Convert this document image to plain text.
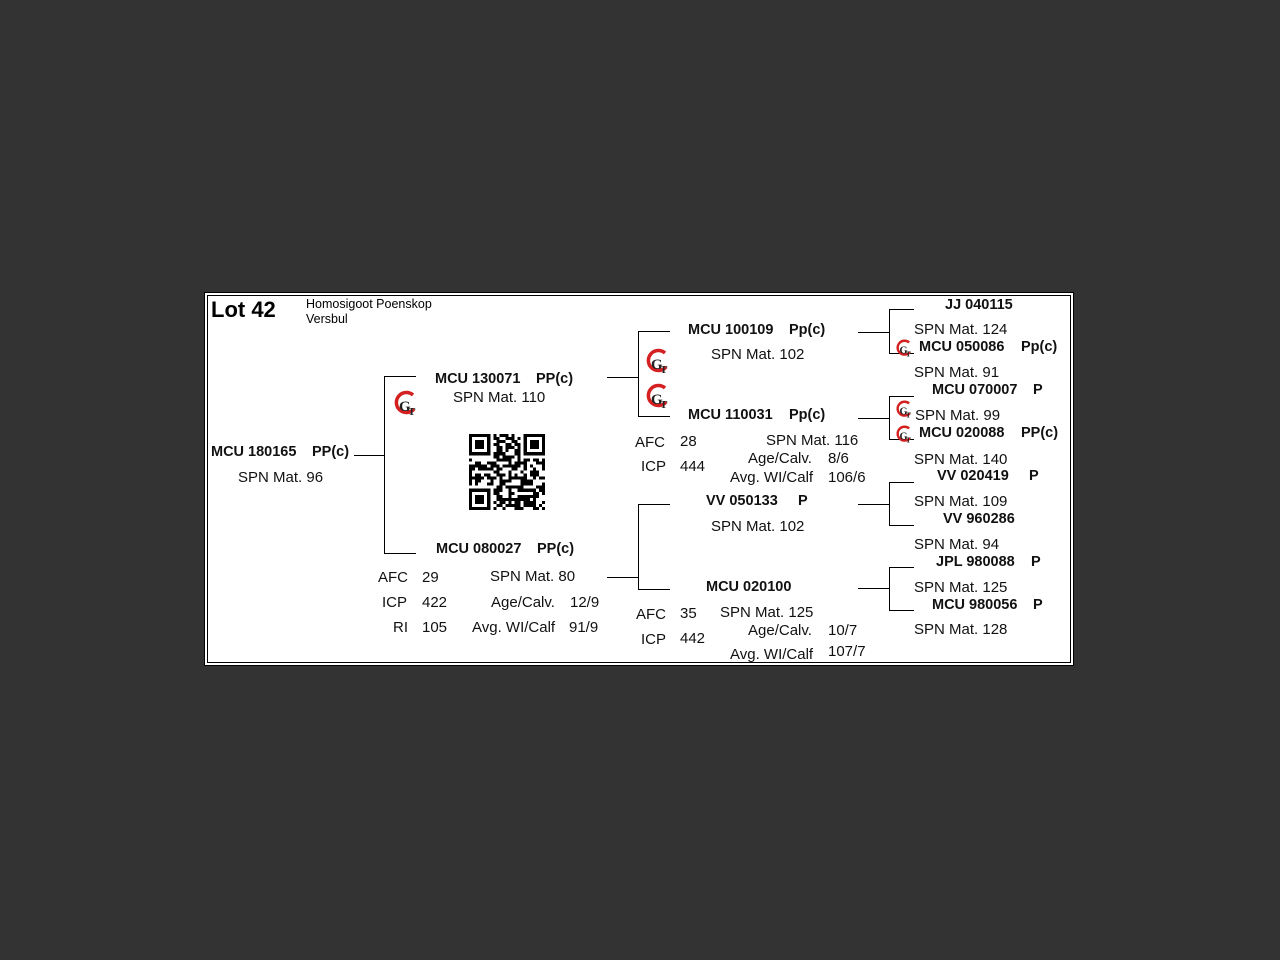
Lot 42 Homosigoot Poenskop
Versbul
MCU 180165 PP(c)
SPN Mat. 96
MCU 130071 PP(c)
SPN Mat. 110
MCU 080027 PP(c)
SPN Mat. 80
AFC 29
ICP 422
RI 105
Age/Calv. 12/9
Avg. WI/Calf 91/9
MCU 100109 Pp(c)
SPN Mat. 102
MCU 110031 Pp(c)
SPN Mat. 116
AFC 28
ICP 444	Age/Calv. 8/6
Avg. WI/Calf 106/6
VV 050133 P
SPN Mat. 102
MCU 020100
SPN Mat. 125
AFC 35
ICP 442	Age/Calv. 10/7
Avg. WI/Calf 107/7
JJ 040115
SPN Mat. 124
MCU 050086 Pp(c)
SPN Mat. 91
MCU 070007 P
SPN Mat. 99
MCU 020088 PP(c)
SPN Mat. 140
VV 020419 P
SPN Mat. 109
VV 960286
SPN Mat. 94
JPL 980088 P
SPN Mat. 125
MCU 980056 P
SPN Mat. 128
G
T
G
T
G
T
G
T
G
T
G
T
